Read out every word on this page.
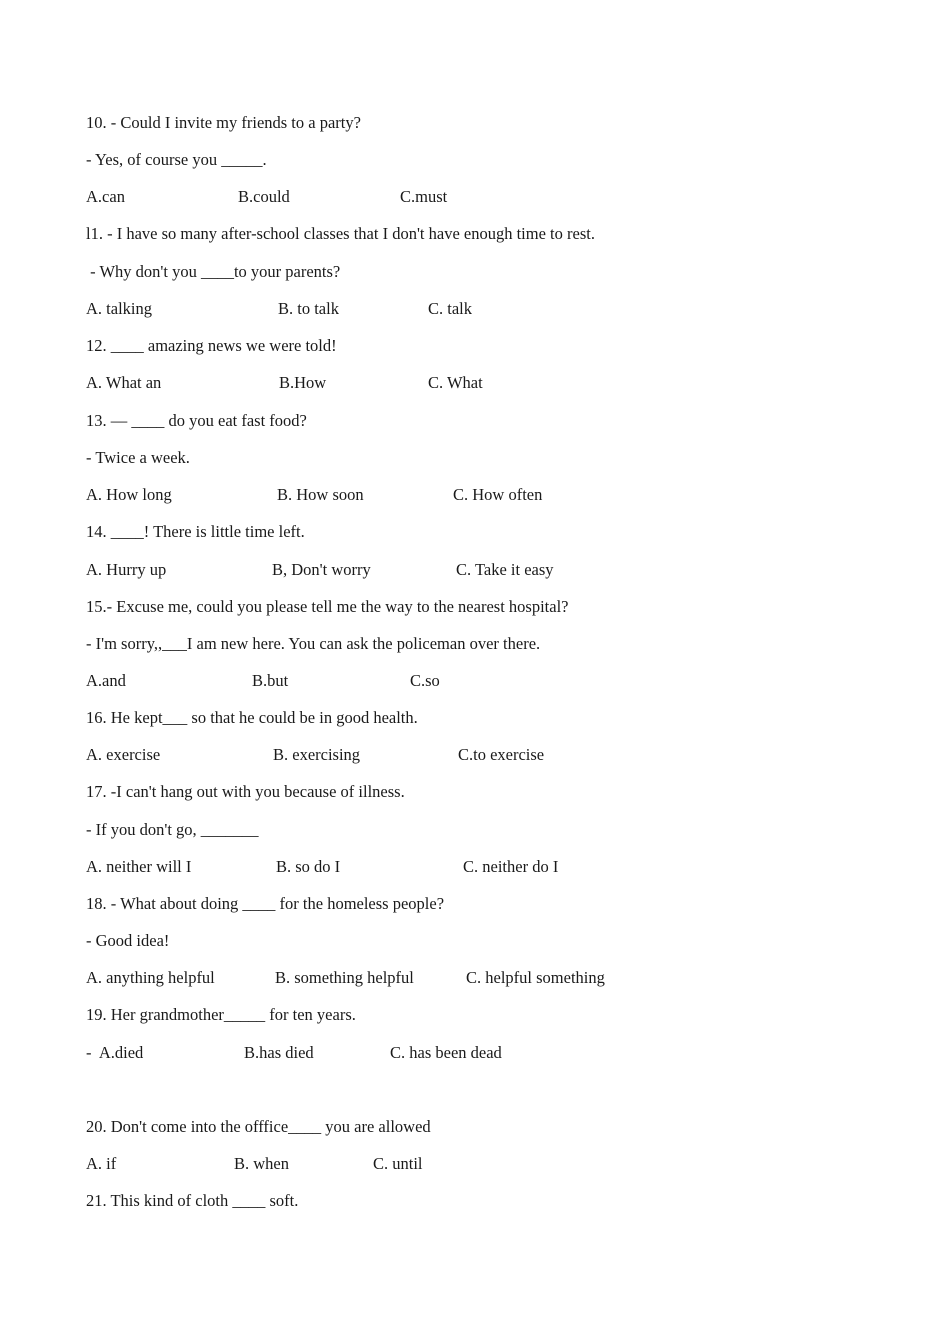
10. - Could I invite my friends to a party?
- Yes, of course you _____.
A.can	B.could	C.must
l1. - I have so many after-school classes that I don't have enough time to rest.
- Why don't you ____to your parents?
A. talking	B. to talk	C. talk
12. ____ amazing news we were told!
A. What an	B.How	C. What
13. — ____ do you eat fast food?
- Twice a week.
A. How long	B. How soon	C. How often
14. ____! There is little time left.
A. Hurry up	B, Don't worry	C. Take it easy
15.- Excuse me, could you please tell me the way to the nearest hospital?
- I'm sorry,,___I am new here. You can ask the policeman over there.
A.and	B.but	C.so
16. He kept___ so that he could be in good health.
A. exercise	B. exercising	C.to exercise
17. -I can't hang out with you because of illness.
- If you don't go, _______
A. neither will I	B. so do I	C. neither do I
18. - What about doing ____ for the homeless people?
- Good idea!
A. anything helpful	B. something helpful	C. helpful something
19. Her grandmother_____ for ten years.
-  A.died	B.has died	C. has been dead
20. Don't come into the offfice____ you are allowed
A. if	B. when	C. until
21. This kind of cloth ____ soft.
